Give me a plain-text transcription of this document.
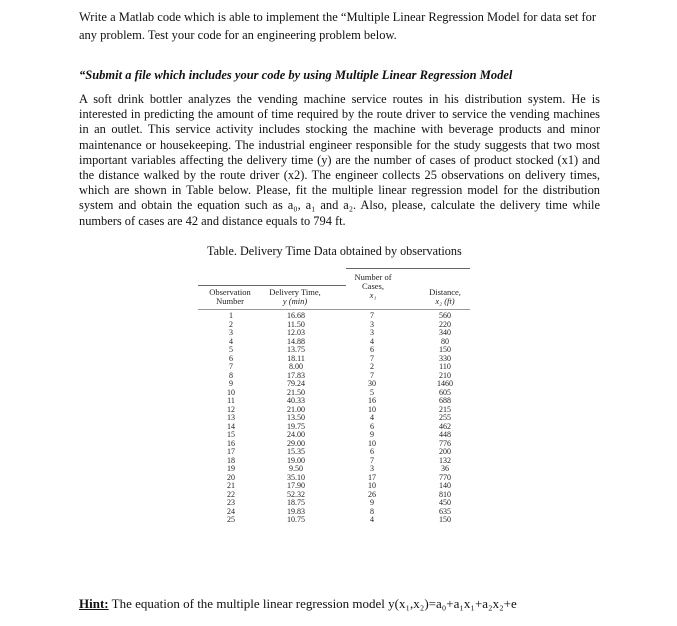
Write a Matlab code which is able to implement the “Multiple Linear Regression Model for data set for any problem. Test your code for an engineering problem below.
“Submit a file which includes your code by using Multiple Linear Regression Model
A soft drink bottler analyzes the vending machine service routes in his distribution system. He is interested in predicting the amount of time required by the route driver to service the vending machines in an outlet. This service activity includes stocking the machine with beverage products and minor maintenance or housekeeping. The industrial engineer responsible for the study suggests that two most important variables affecting the delivery time (y) are the number of cases of product stocked (x1) and the distance walked by the route driver (x2). The engineer collects 25 observations on delivery times, which are shown in Table below. Please, fit the multiple linear regression model for the distribution system and obtain the equation such as a₀, a₁ and a₂. Also, please, calculate the delivery time while numbers of cases are 42 and distance equals to 794 ft.
Table. Delivery Time Data obtained by observations
Number of
Cases,
x₁
Observation
Number
Delivery Time,
y (min)
Distance,
x₂ (ft)
1
2
3
4
5
6
7
8
9
10
11
12
13
14
15
16
17
18
19
20
21
22
23
24
25
16.68
11.50
12.03
14.88
13.75
18.11
8.00
17.83
79.24
21.50
40.33
21.00
13.50
19.75
24.00
29.00
15.35
19.00
9.50
35.10
17.90
52.32
18.75
19.83
10.75
7
3
3
4
6
7
2
7
30
5
16
10
4
6
9
10
6
7
3
17
10
26
9
8
4
560
220
340
80
150
330
110
210
1460
605
688
215
255
462
448
776
200
132
36
770
140
810
450
635
150
Hint: The equation of the multiple linear regression model y(x₁,x₂)=a₀+a₁x₁+a₂x₂+e
